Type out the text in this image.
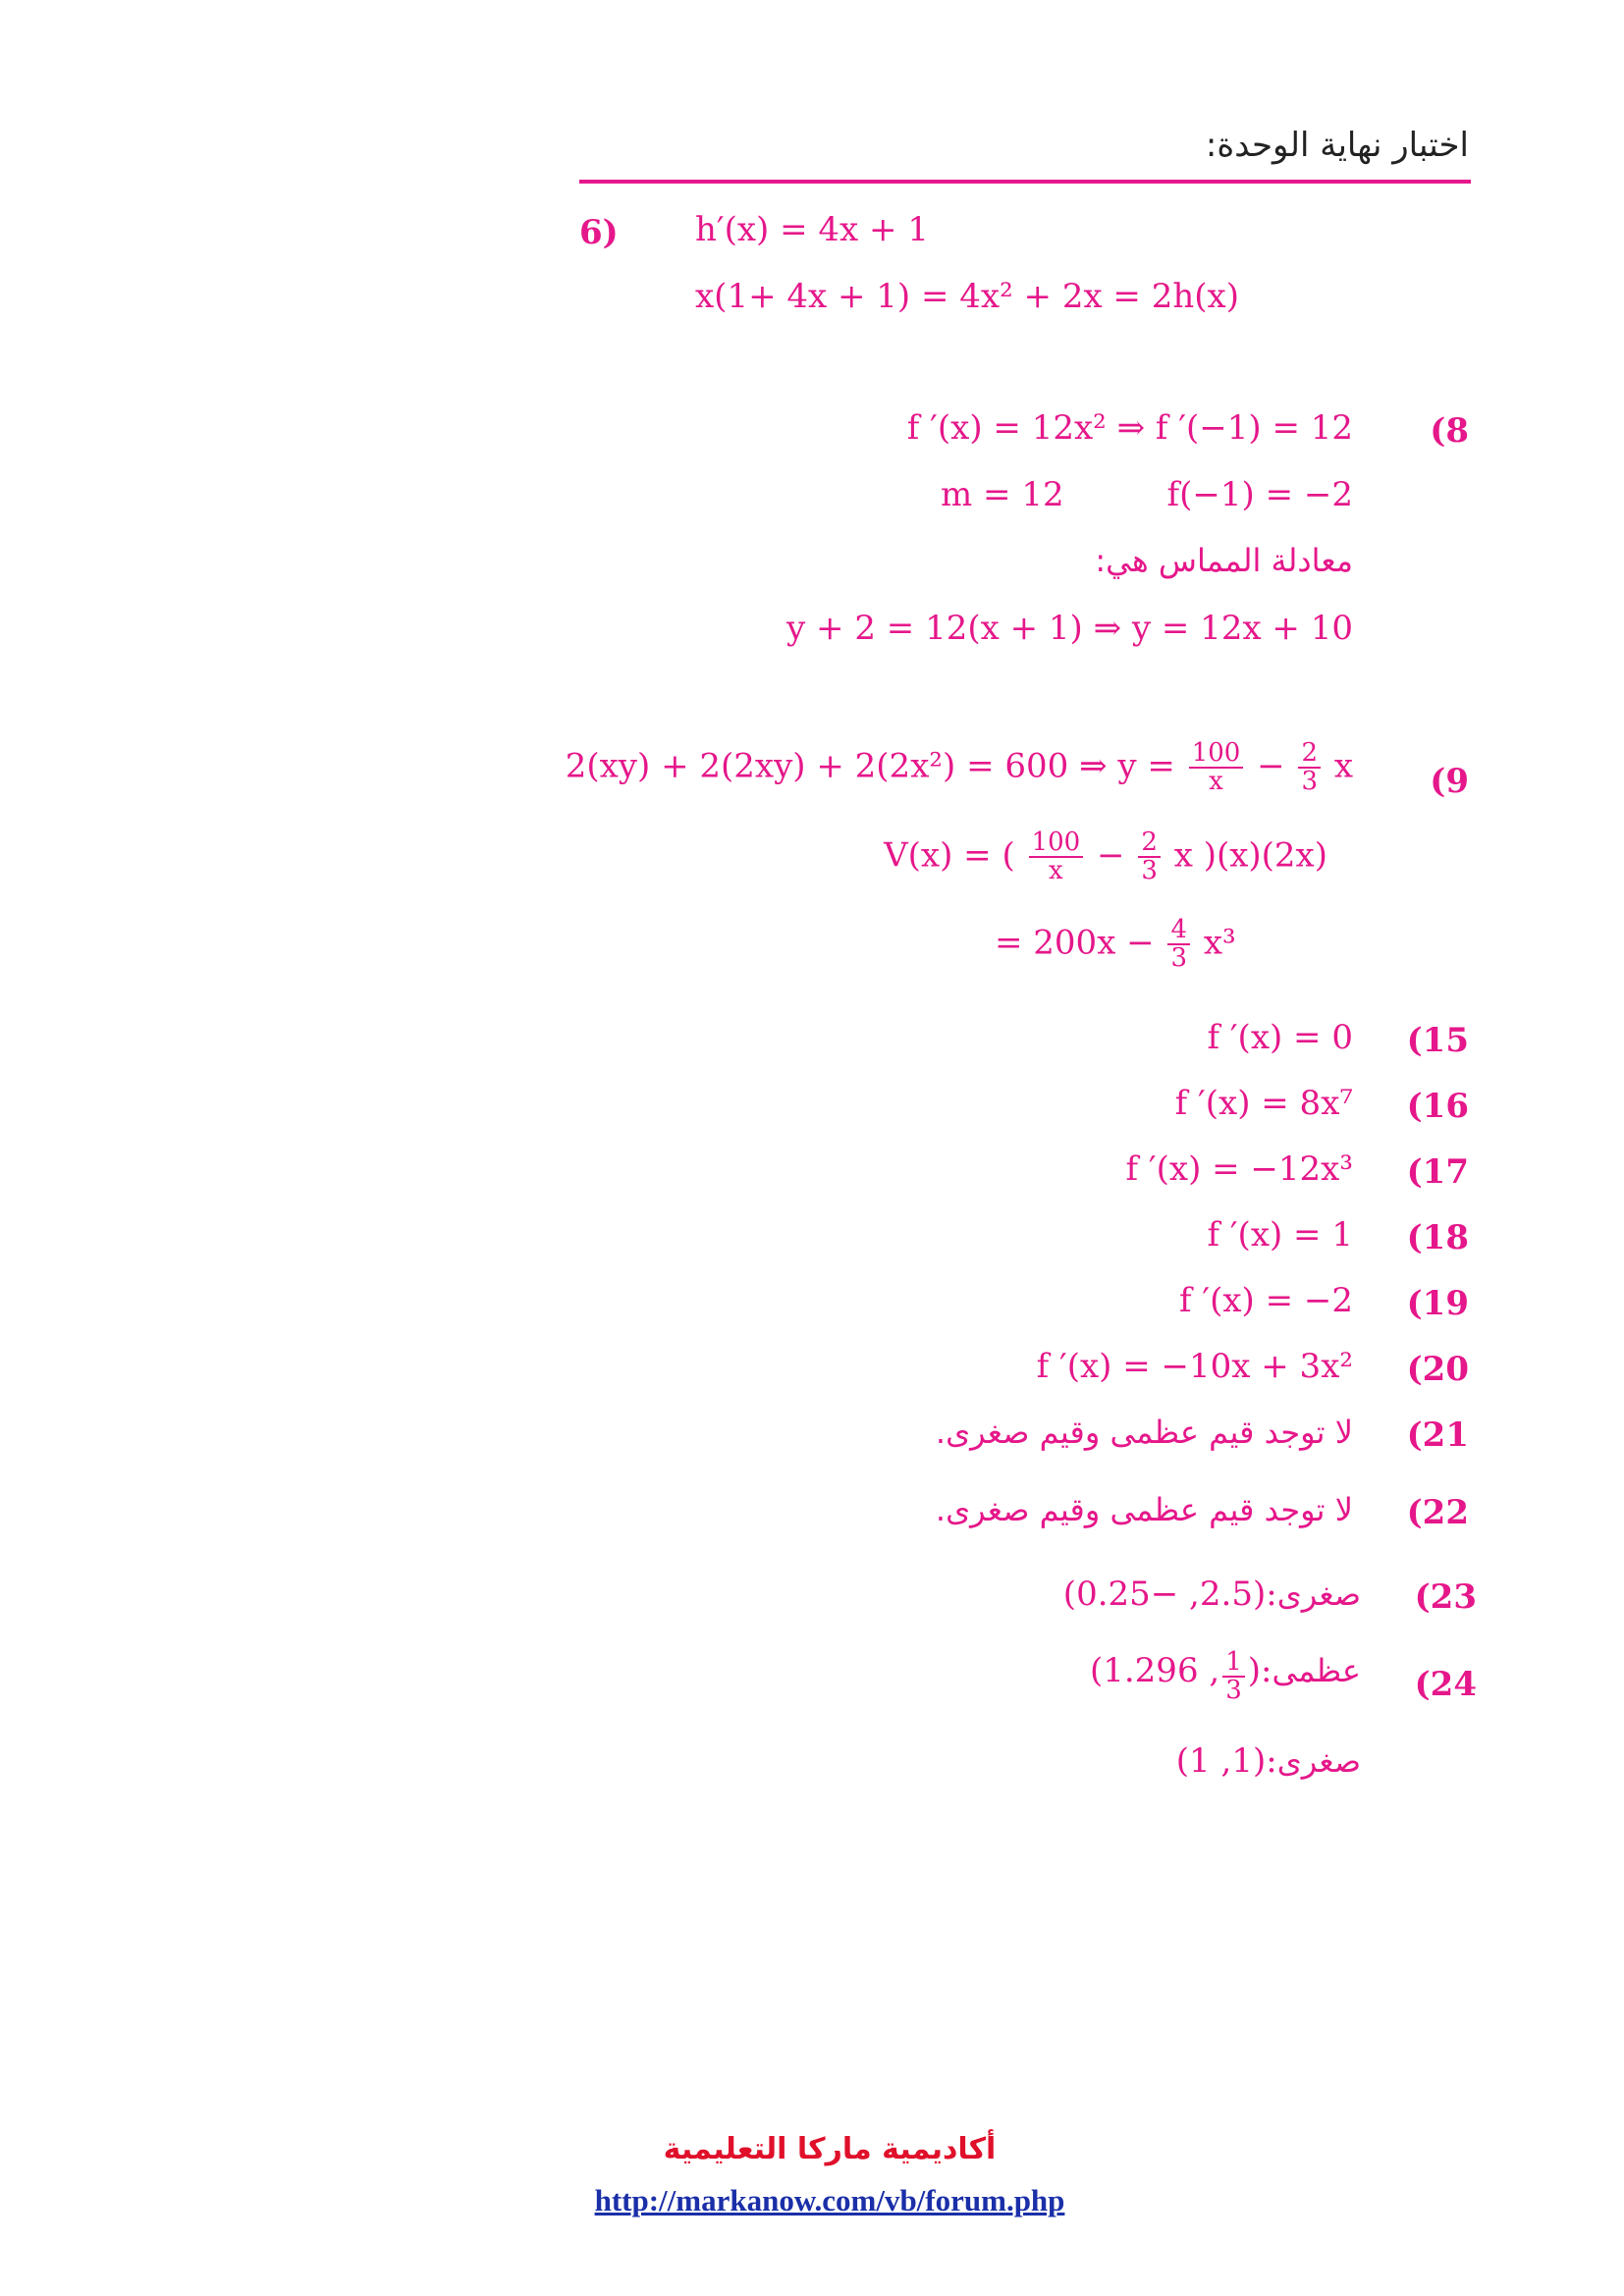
اختبار نهاية الوحدة:
6) h′(x) = 4x + 1
x(1+ 4x + 1) = 4x² + 2x = 2h(x)
(8
f ′(x) = 12x² ⇒ f ′(−1) = 12
m = 12	f(−1) = −2
معادلة المماس هي:
y + 2 = 12(x + 1) ⇒ y = 12x + 10
(9
2(xy) + 2(2xy) + 2(2x²) = 600 ⇒ $y = \frac{100}{x} - \frac{2}{3}$ x
V(x) = ( $\frac{100}{x} - \frac{2}{3}$ x )(x)(2x)
= $200x - \frac{4}{3} x^3$
(15
f ′(x) = 0
(16
f ′(x) = 8x⁷
(17
f ′(x) = −12x³
(18
f ′(x) = 1
(19
f ′(x) = −2
(20
f ′(x) = −10x + 3x²
(21
لا توجد قيم عظمى وقيم صغرى.
(22
لا توجد قيم عظمى وقيم صغرى.
(23
صغرى:(2.5, −0.25)
(24
عظمى:(
$\frac{1}{3}$
, 1.296)
صغرى:(1, 1)
أكاديمية ماركا التعليمية
http://markanow.com/vb/forum.php
